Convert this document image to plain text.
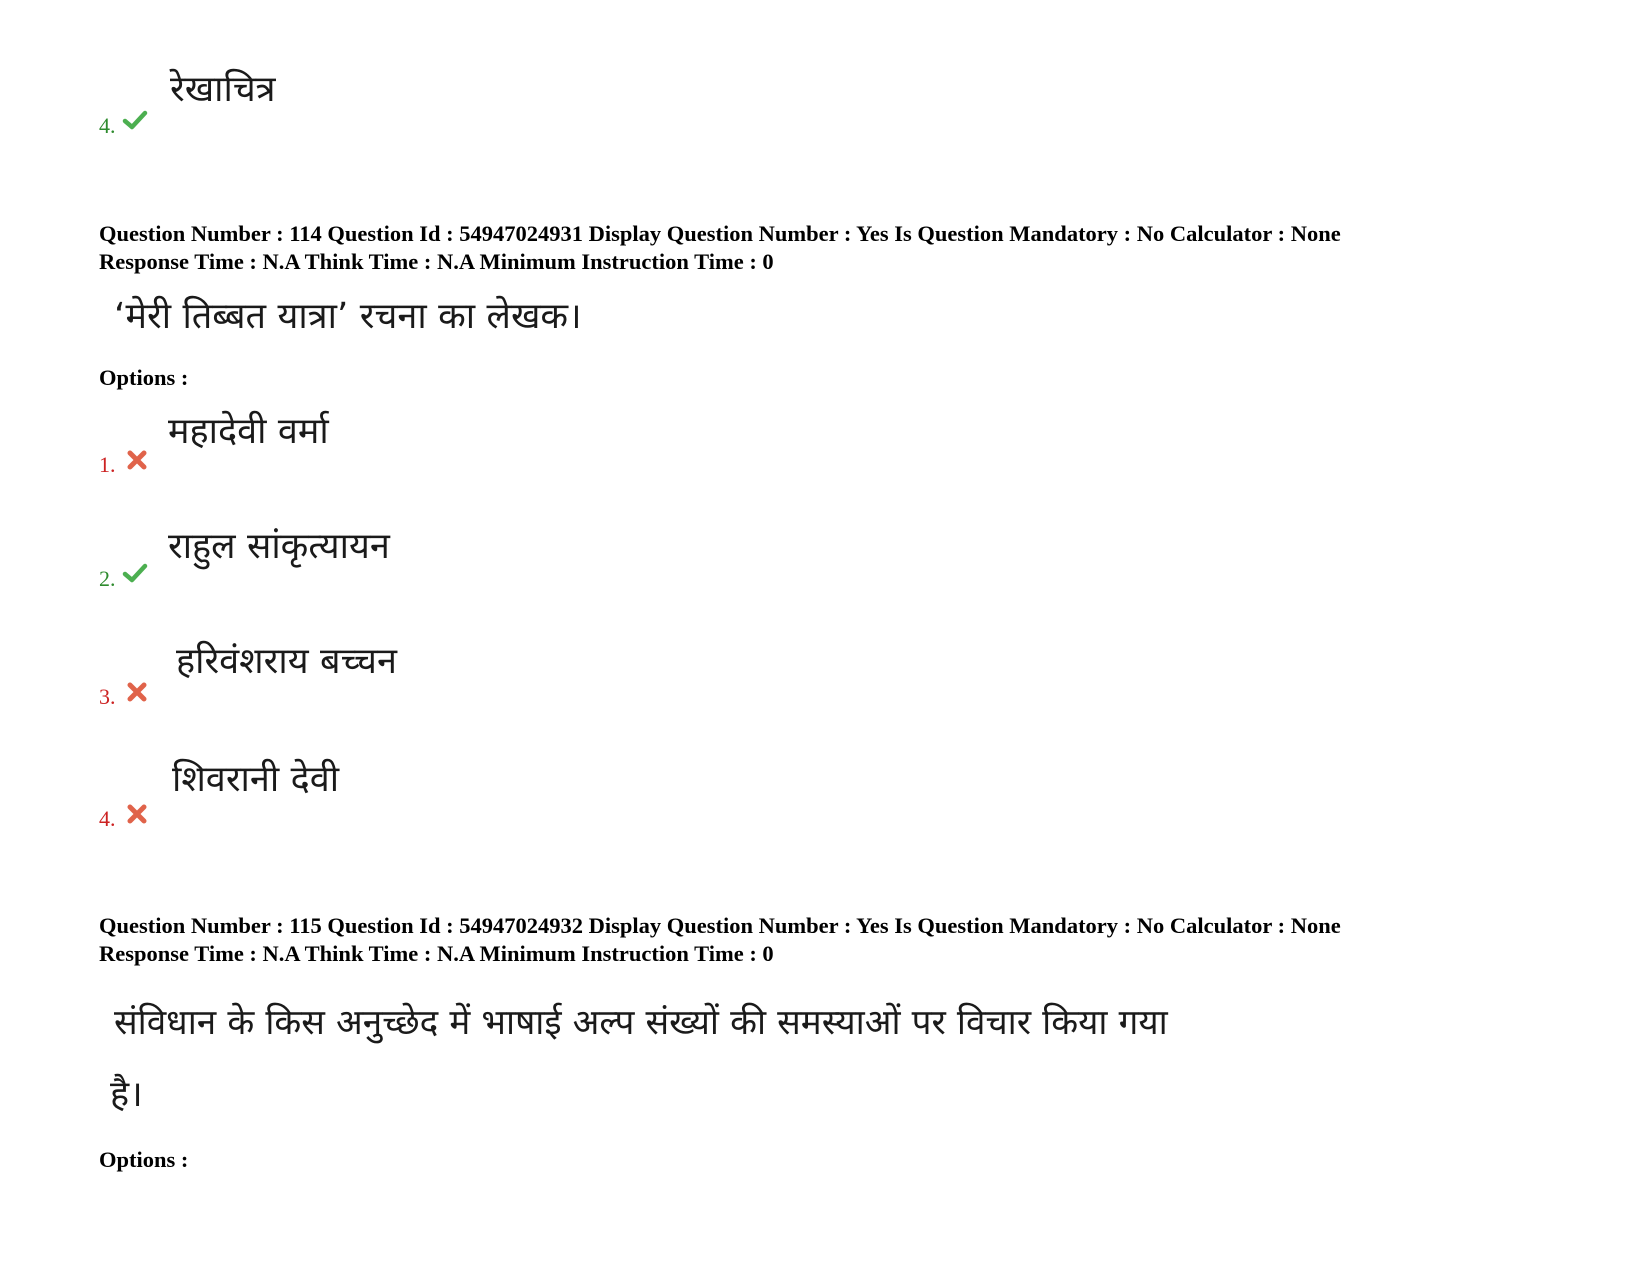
4.
रेखाचित्र
Question Number : 114 Question Id : 54947024931 Display Question Number : Yes Is Question Mandatory : No Calculator : None
Response Time : N.A Think Time : N.A Minimum Instruction Time : 0
‘मेरी तिब्बत यात्रा’ रचना का लेखक।
Options :
1.
महादेवी वर्मा
2.
राहुल सांकृत्यायन
3.
हरिवंशराय बच्चन
4.
शिवरानी देवी
Question Number : 115 Question Id : 54947024932 Display Question Number : Yes Is Question Mandatory : No Calculator : None
Response Time : N.A Think Time : N.A Minimum Instruction Time : 0
संविधान के किस अनुच्छेद में भाषाई अल्प संख्यों की समस्याओं पर विचार किया गया
है।
Options :
